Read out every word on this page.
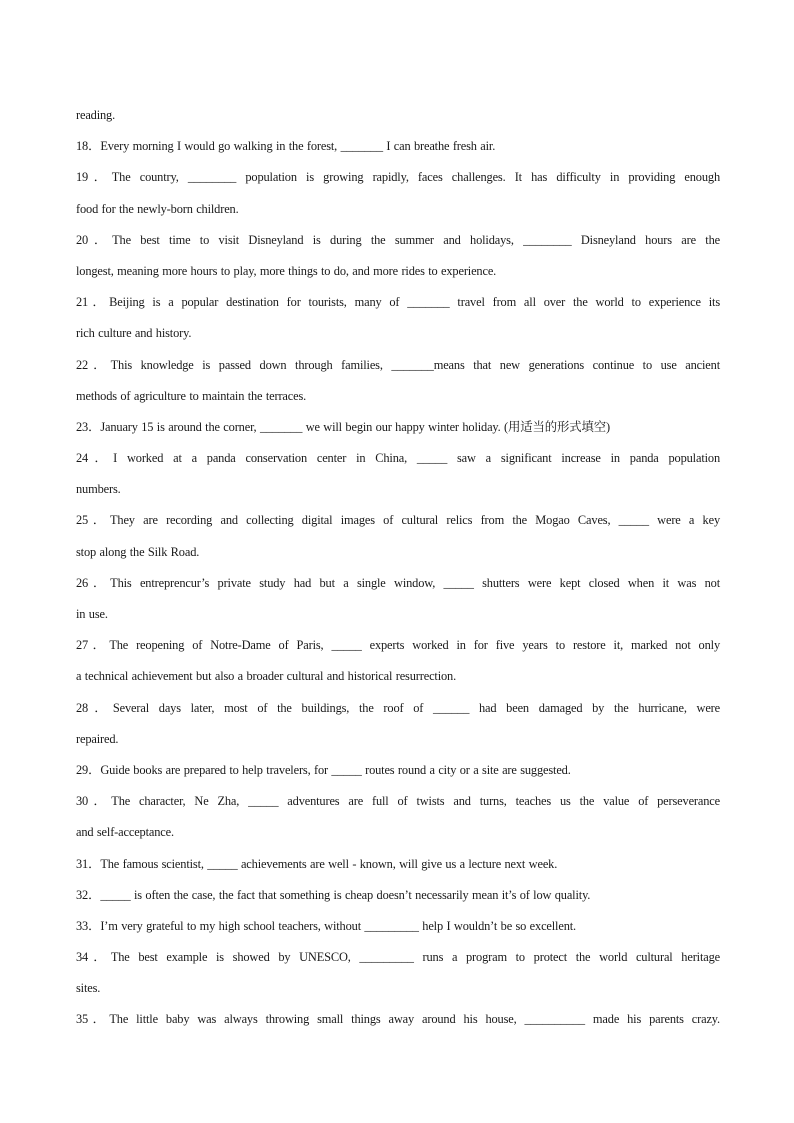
reading.
18．Every morning I would go walking in the forest, _______ I can breathe fresh air.
19．The country, ________ population is growing rapidly, faces challenges. It has difficulty in providing enough
food for the newly-born children.
20．The best time to visit Disneyland is during the summer and holidays, ________ Disneyland hours are the
longest, meaning more hours to play, more things to do, and more rides to experience.
21．Beijing is a popular destination for tourists, many of _______ travel from all over the world to experience its
rich culture and history.
22．This knowledge is passed down through families, _______means that new generations continue to use ancient
methods of agriculture to maintain the terraces.
23．January 15 is around the corner, _______ we will begin our happy winter holiday. (用适当的形式填空)
24．I worked at a panda conservation center in China, _____ saw a significant increase in panda population
numbers.
25．They are recording and collecting digital images of cultural relics from the Mogao Caves, _____ were a key
stop along the Silk Road.
26．This entreprencur’s private study had but a single window, _____ shutters were kept closed when it was not
in use.
27．The reopening of Notre-Dame of Paris, _____ experts worked in for five years to restore it, marked not only
a technical achievement but also a broader cultural and historical resurrection.
28．Several days later, most of the buildings, the roof of ______ had been damaged by the hurricane, were
repaired.
29．Guide books are prepared to help travelers, for _____ routes round a city or a site are suggested.
30．The character, Ne Zha, _____ adventures are full of twists and turns, teaches us the value of perseverance
and self-acceptance.
31．The famous scientist, _____ achievements are well - known, will give us a lecture next week.
32．_____ is often the case, the fact that something is cheap doesn’t necessarily mean it’s of low quality.
33．I’m very grateful to my high school teachers, without _________ help I wouldn’t be so excellent.
34．The best example is showed by UNESCO, _________ runs a program to protect the world cultural heritage
sites.
35．The little baby was always throwing small things away around his house, __________ made his parents crazy.
